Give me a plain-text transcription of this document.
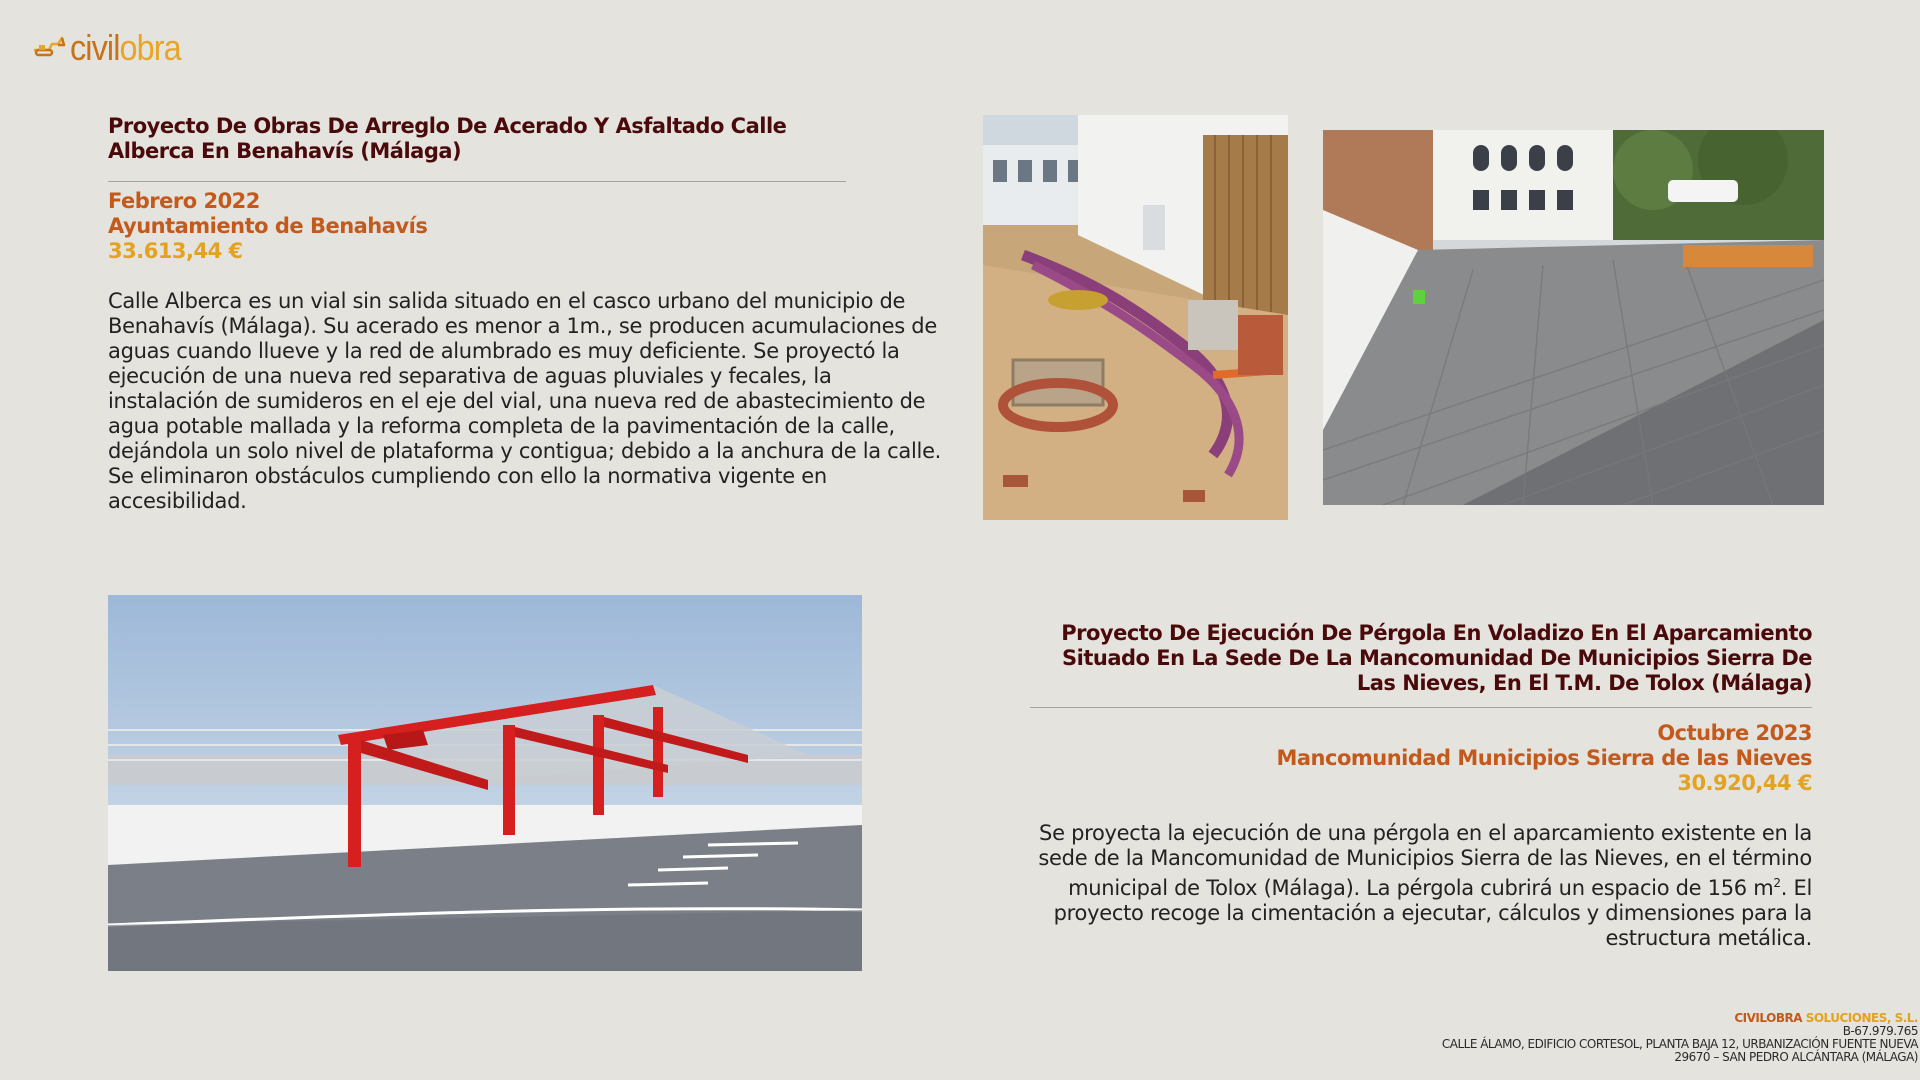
civilobra
Proyecto De Obras De Arreglo De Acerado Y Asfaltado Calle Alberca En Benahavís (Málaga)
Febrero 2022
Ayuntamiento de Benahavís
33.613,44 €

Calle Alberca es un vial sin salida situado en el casco urbano del municipio de Benahavís (Málaga). Su acerado es menor a 1m., se producen acumulaciones de aguas cuando llueve y la red de alumbrado es muy deficiente. Se proyectó la ejecución de una nueva red separativa de aguas pluviales y fecales, la instalación de sumideros en el eje del vial, una nueva red de abastecimiento de agua potable mallada y la reforma completa de la pavimentación de la calle, dejándola un solo nivel de plataforma y contigua; debido a la anchura de la calle. Se eliminaron obstáculos cumpliendo con ello la normativa vigente en accesibilidad.

Proyecto De Ejecución De Pérgola En Voladizo En El Aparcamiento Situado En La Sede De La Mancomunidad De Municipios Sierra De Las Nieves, En El T.M. De Tolox (Málaga)
Octubre 2023
Mancomunidad Municipios Sierra de las Nieves
30.920,44 €

Se proyecta la ejecución de una pérgola en el aparcamiento existente en la sede de la Mancomunidad de Municipios Sierra de las Nieves, en el término municipal de Tolox (Málaga). La pérgola cubrirá un espacio de 156 $m^2$. El proyecto recoge la cimentación a ejecutar, cálculos y dimensiones para la estructura metálica.

CIVILOBRA SOLUCIONES, S.L.
B-67.979.765
CALLE ÁLAMO, EDIFICIO CORTESOL, PLANTA BAJA 12, URBANIZACIÓN FUENTE NUEVA
29670 – SAN PEDRO ALCÁNTARA (MÁLAGA)
